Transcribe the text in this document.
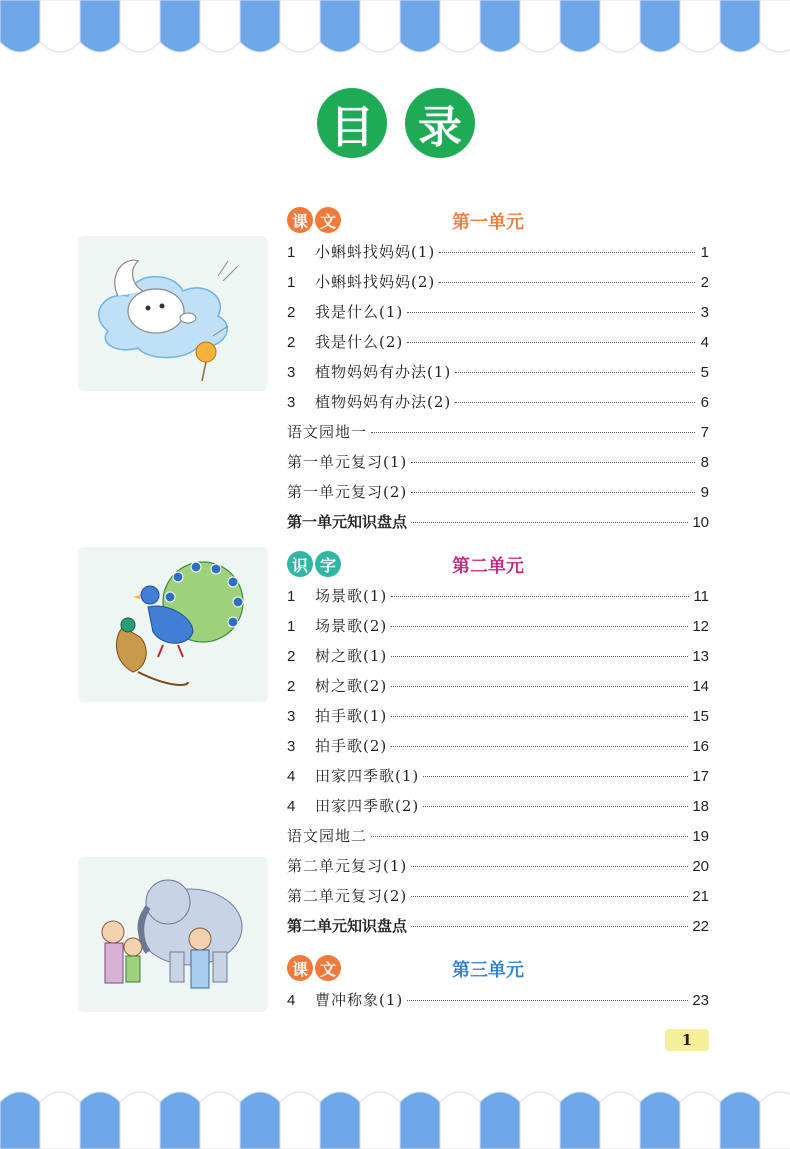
目 录
课 文	第一单元
识 字	第二单元
课 文	第三单元
1	小蝌蚪找妈妈(1)	1
1	小蝌蚪找妈妈(2)	2
2	我是什么(1)	3
2	我是什么(2)	4
3	植物妈妈有办法(1)	5
3	植物妈妈有办法(2)	6
语文园地一	7
第一单元复习(1)	8
第一单元复习(2)	9
第一单元知识盘点	10
1	场景歌(1)	11
1	场景歌(2)	12
2	树之歌(1)	13
2	树之歌(2)	14
3	拍手歌(1)	15
3	拍手歌(2)	16
4	田家四季歌(1)	17
4	田家四季歌(2)	18
语文园地二	19
第二单元复习(1)	20
第二单元复习(2)	21
第二单元知识盘点	22
4	曹冲称象(1)	23
1
